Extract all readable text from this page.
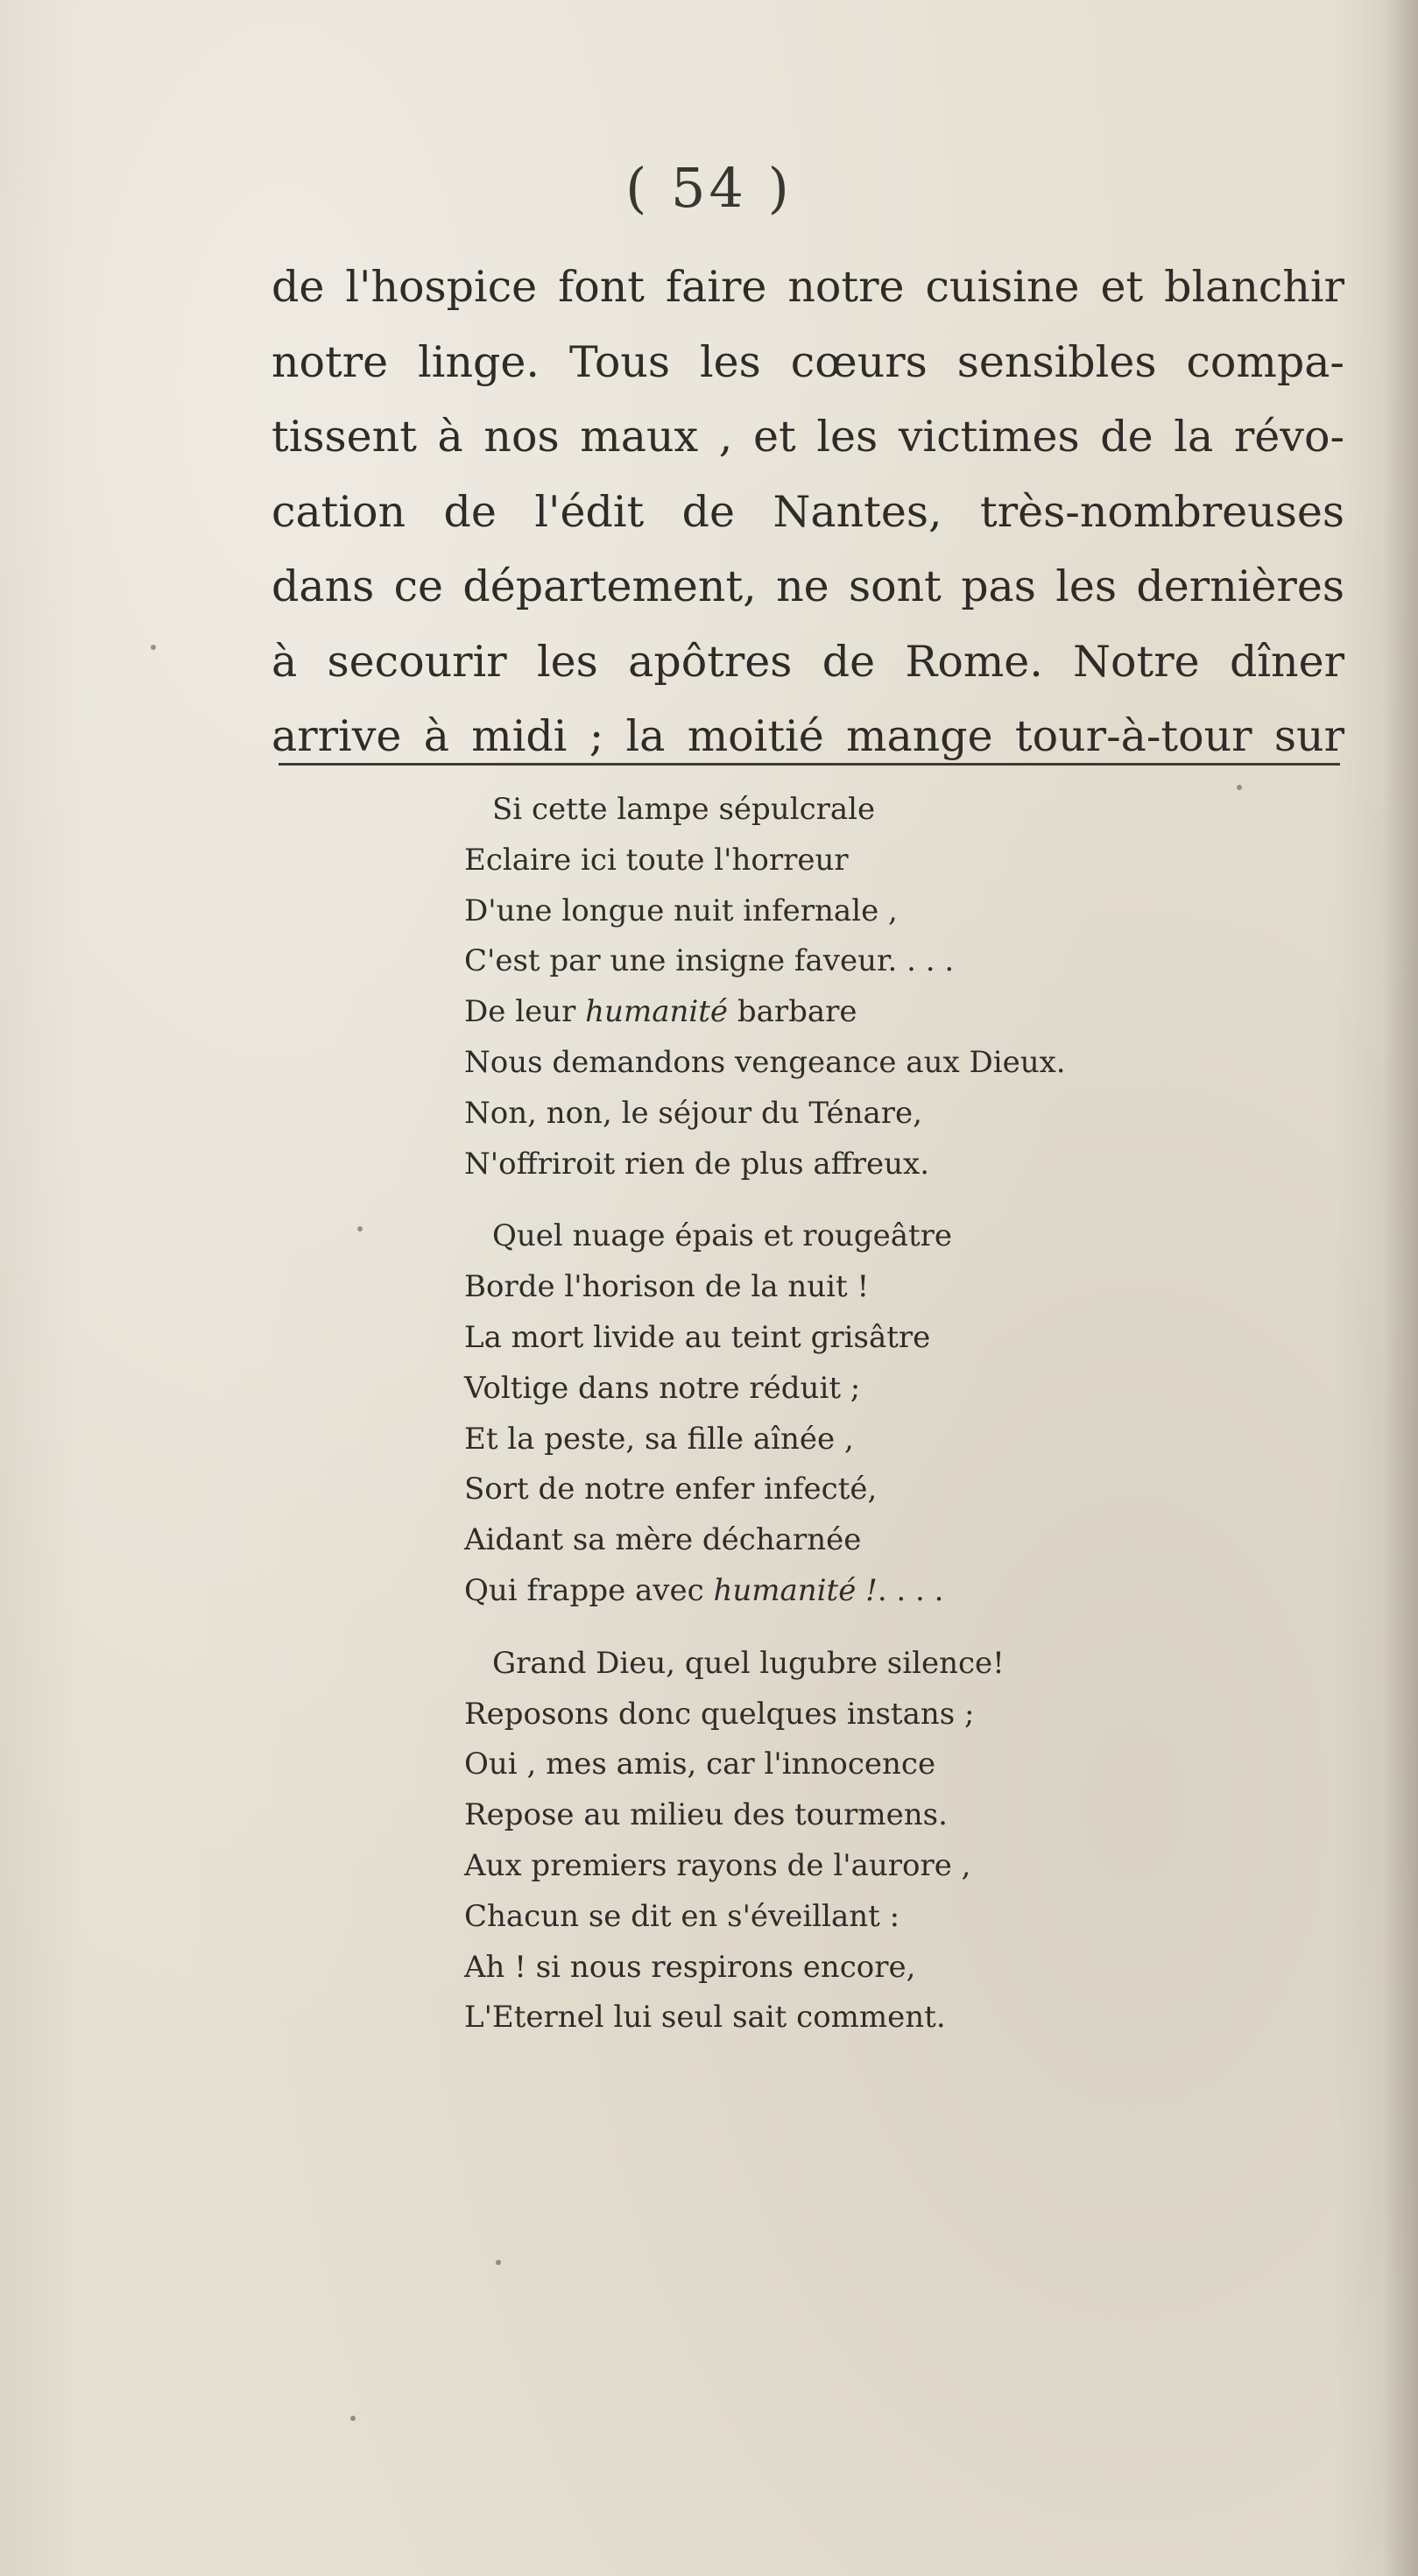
( 54 )
de l'hospice font faire notre cuisine et blanchir
notre linge. Tous les cœurs sensibles compa-
tissent à nos maux , et les victimes de la révo-
cation de l'édit de Nantes, très-nombreuses
dans ce département, ne sont pas les dernières
à secourir les apôtres de Rome. Notre dîner
arrive à midi ; la moitié mange tour-à-tour sur
Si cette lampe sépulcrale
Eclaire ici toute l'horreur
D'une longue nuit infernale ,
C'est par une insigne faveur. . . .
De leur humanité barbare
Nous demandons vengeance aux Dieux.
Non, non, le séjour du Ténare,
N'offriroit rien de plus affreux.
Quel nuage épais et rougeâtre
Borde l'horison de la nuit !
La mort livide au teint grisâtre
Voltige dans notre réduit ;
Et la peste, sa fille aînée ,
Sort de notre enfer infecté,
Aidant sa mère décharnée
Qui frappe avec humanité !. . . .
Grand Dieu, quel lugubre silence!
Reposons donc quelques instans ;
Oui , mes amis, car l'innocence
Repose au milieu des tourmens.
Aux premiers rayons de l'aurore ,
Chacun se dit en s'éveillant :
Ah ! si nous respirons encore,
L'Eternel lui seul sait comment.
